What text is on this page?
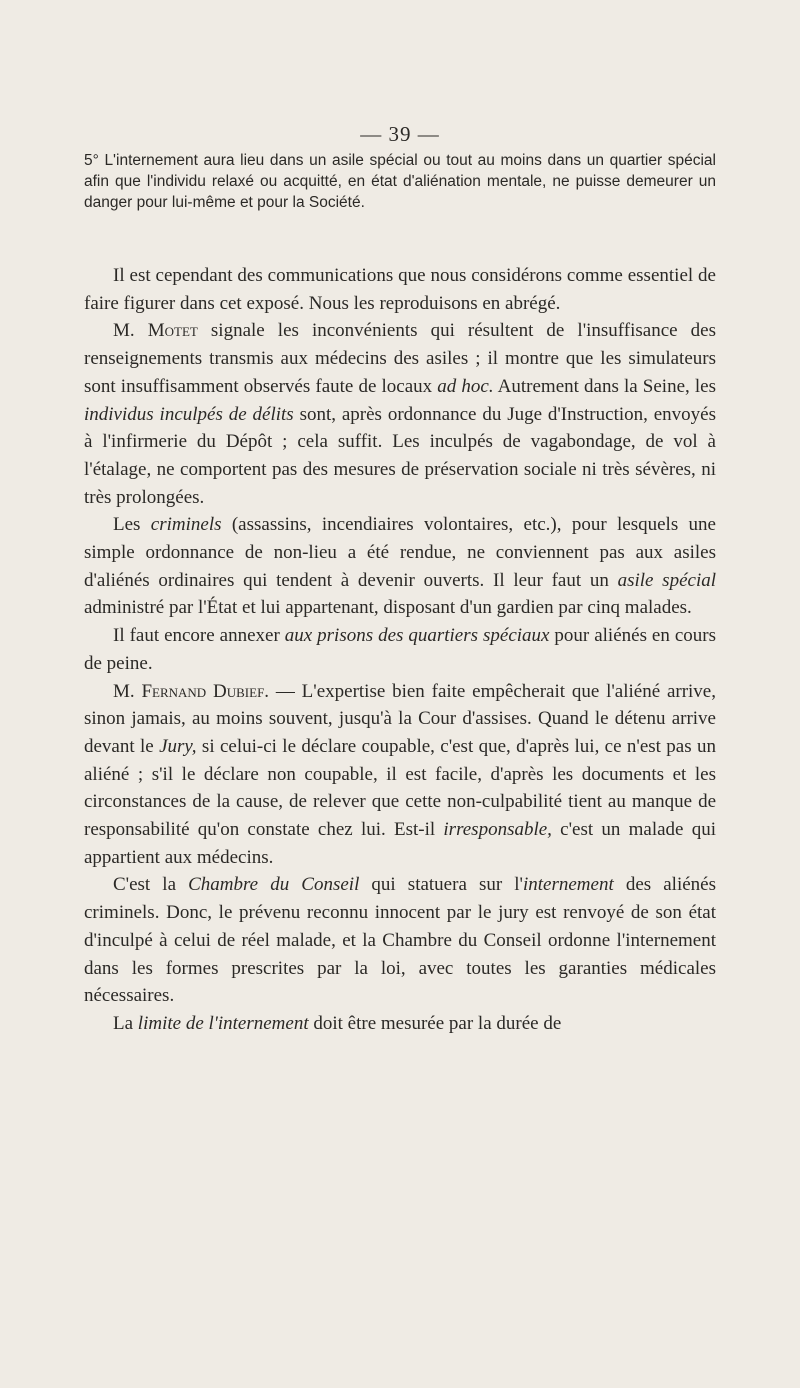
— 39 —
5° L'internement aura lieu dans un asile spécial ou tout au moins dans un quartier spécial afin que l'individu relaxé ou acquitté, en état d'aliénation mentale, ne puisse demeurer un danger pour lui-même et pour la Société.

Il est cependant des communications que nous considérons comme essentiel de faire figurer dans cet exposé. Nous les reproduisons en abrégé.

M. Motet signale les inconvénients qui résultent de l'insuffisance des renseignements transmis aux médecins des asiles ; il montre que les simulateurs sont insuffisamment observés faute de locaux ad hoc. Autrement dans la Seine, les individus inculpés de délits sont, après ordonnance du Juge d'Instruction, envoyés à l'infirmerie du Dépôt ; cela suffit. Les inculpés de vagabondage, de vol à l'étalage, ne comportent pas des mesures de préservation sociale ni très sévères, ni très prolongées.

Les criminels (assassins, incendiaires volontaires, etc.), pour lesquels une simple ordonnance de non-lieu a été rendue, ne conviennent pas aux asiles d'aliénés ordinaires qui tendent à devenir ouverts. Il leur faut un asile spécial administré par l'État et lui appartenant, disposant d'un gardien par cinq malades.

Il faut encore annexer aux prisons des quartiers spéciaux pour aliénés en cours de peine.

M. Fernand Dubief. — L'expertise bien faite empêcherait que l'aliéné arrive, sinon jamais, au moins souvent, jusqu'à la Cour d'assises. Quand le détenu arrive devant le Jury, si celui-ci le déclare coupable, c'est que, d'après lui, ce n'est pas un aliéné ; s'il le déclare non coupable, il est facile, d'après les documents et les circonstances de la cause, de relever que cette non-culpabilité tient au manque de responsabilité qu'on constate chez lui. Est-il irresponsable, c'est un malade qui appartient aux médecins.

C'est la Chambre du Conseil qui statuera sur l'internement des aliénés criminels. Donc, le prévenu reconnu innocent par le jury est renvoyé de son état d'inculpé à celui de réel malade, et la Chambre du Conseil ordonne l'internement dans les formes prescrites par la loi, avec toutes les garanties médicales nécessaires.

La limite de l'internement doit être mesurée par la durée de
